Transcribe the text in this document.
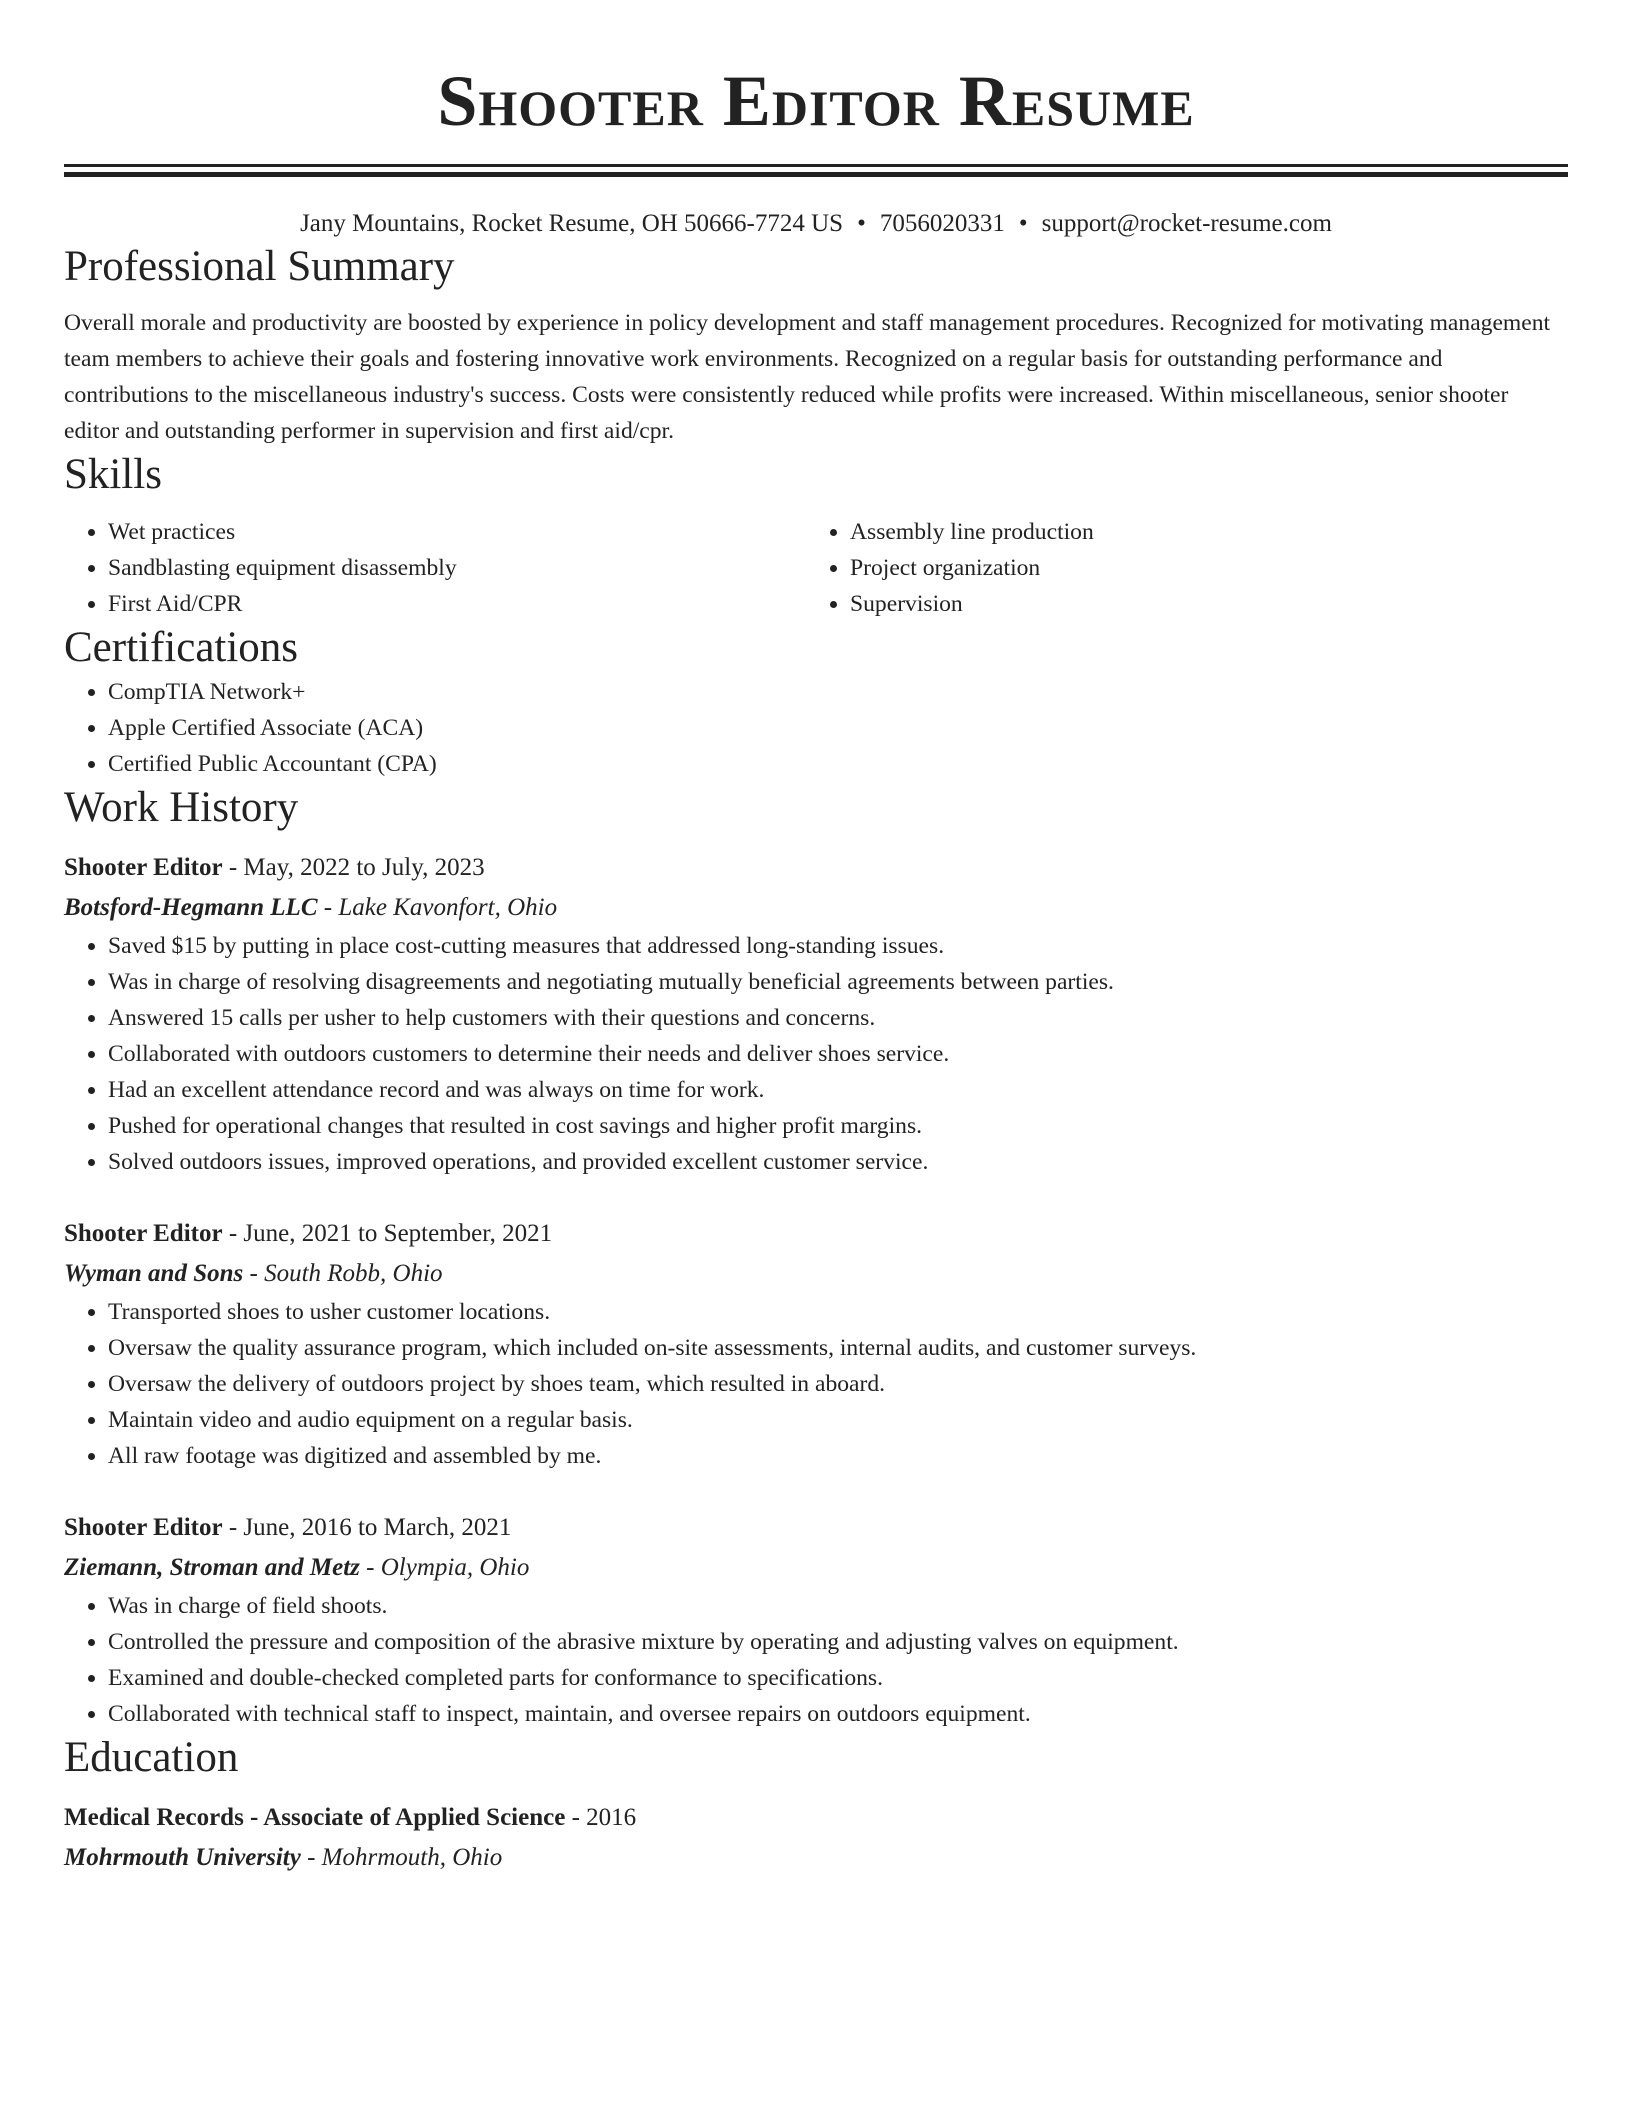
Shooter Editor Resume
Jany Mountains, Rocket Resume, OH 50666-7724 US • 7056020331 • support@rocket-resume.com
Professional Summary

Overall morale and productivity are boosted by experience in policy development and staff management procedures. Recognized for motivating management team members to achieve their goals and fostering innovative work environments. Recognized on a regular basis for outstanding performance and contributions to the miscellaneous industry's success. Costs were consistently reduced while profits were increased. Within miscellaneous, senior shooter editor and outstanding performer in supervision and first aid/cpr.

Skills
• Wet practices
• Sandblasting equipment disassembly
• First Aid/CPR
• Assembly line production
• Project organization
• Supervision
Certifications
• CompTIA Network+
• Apple Certified Associate (ACA)
• Certified Public Accountant (CPA)
Work History
Shooter Editor - May, 2022 to July, 2023
Botsford-Hegmann LLC - Lake Kavonfort, Ohio
• Saved $15 by putting in place cost-cutting measures that addressed long-standing issues.
• Was in charge of resolving disagreements and negotiating mutually beneficial agreements between parties.
• Answered 15 calls per usher to help customers with their questions and concerns.
• Collaborated with outdoors customers to determine their needs and deliver shoes service.
• Had an excellent attendance record and was always on time for work.
• Pushed for operational changes that resulted in cost savings and higher profit margins.
• Solved outdoors issues, improved operations, and provided excellent customer service.
Shooter Editor - June, 2021 to September, 2021
Wyman and Sons - South Robb, Ohio
• Transported shoes to usher customer locations.
• Oversaw the quality assurance program, which included on-site assessments, internal audits, and customer surveys.
• Oversaw the delivery of outdoors project by shoes team, which resulted in aboard.
• Maintain video and audio equipment on a regular basis.
• All raw footage was digitized and assembled by me.
Shooter Editor - June, 2016 to March, 2021
Ziemann, Stroman and Metz - Olympia, Ohio
• Was in charge of field shoots.
• Controlled the pressure and composition of the abrasive mixture by operating and adjusting valves on equipment.
• Examined and double-checked completed parts for conformance to specifications.
• Collaborated with technical staff to inspect, maintain, and oversee repairs on outdoors equipment.
Education
Medical Records - Associate of Applied Science - 2016
Mohrmouth University - Mohrmouth, Ohio
